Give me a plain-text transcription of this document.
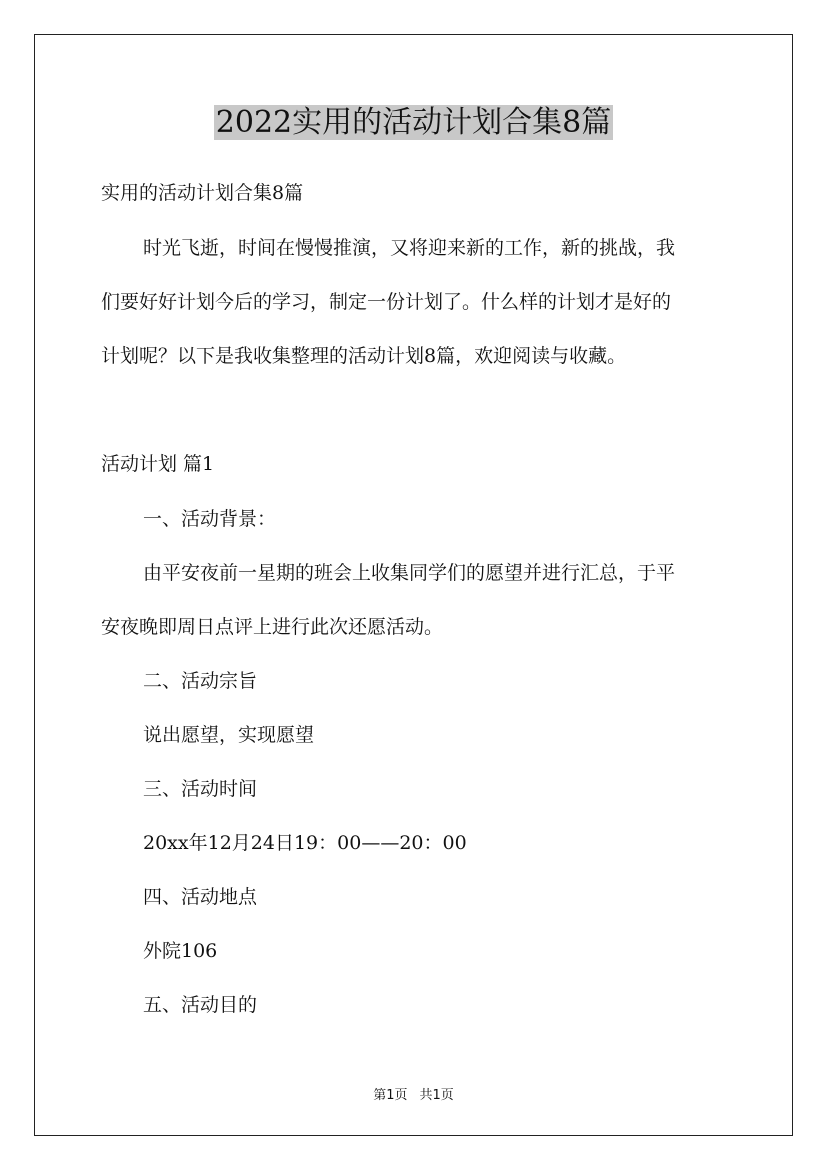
2022实用的活动计划合集8篇

实用的活动计划合集8篇

时光飞逝，时间在慢慢推演，又将迎来新的工作，新的挑战，我

们要好好计划今后的学习，制定一份计划了。什么样的计划才是好的

计划呢？以下是我收集整理的活动计划8篇，欢迎阅读与收藏。

活动计划 篇1

一、活动背景：

由平安夜前一星期的班会上收集同学们的愿望并进行汇总，于平

安夜晚即周日点评上进行此次还愿活动。

二、活动宗旨

说出愿望，实现愿望

三、活动时间

20xx年12月24日19：00——20：00

四、活动地点

外院106

五、活动目的

第1页 共1页
